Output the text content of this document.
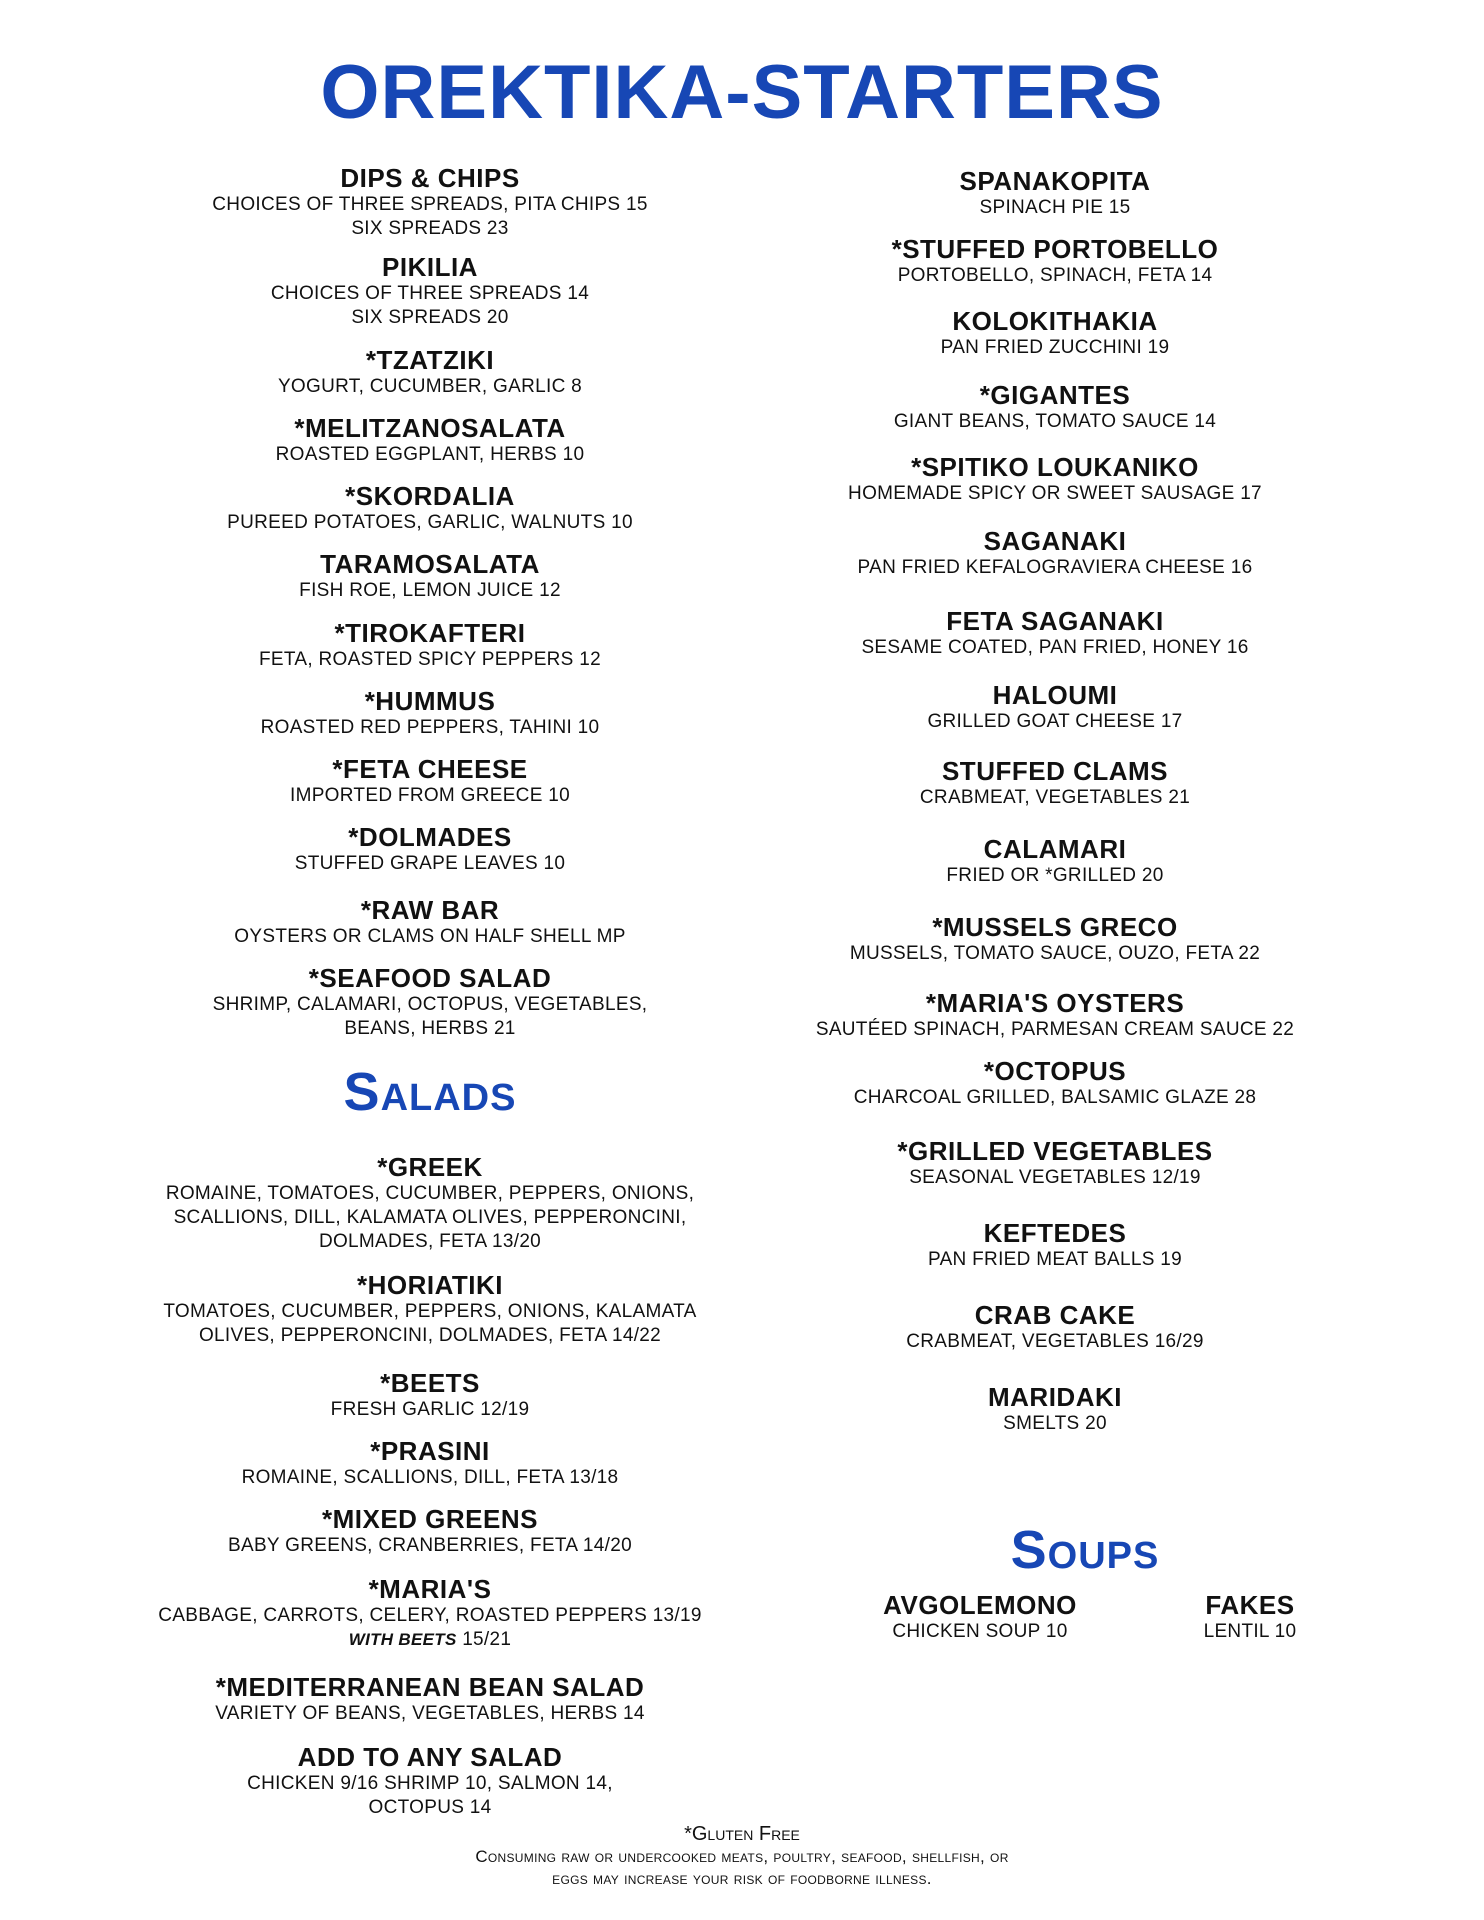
OREKTIKA-STARTERS
DIPS & CHIPS
CHOICES OF THREE SPREADS, PITA CHIPS 15
SIX SPREADS 23
PIKILIA
CHOICES OF THREE SPREADS 14
SIX SPREADS 20
*TZATZIKI
YOGURT, CUCUMBER, GARLIC 8
*MELITZANOSALATA
ROASTED EGGPLANT, HERBS 10
*SKORDALIA
PUREED POTATOES, GARLIC, WALNUTS 10
TARAMOSALATA
FISH ROE, LEMON JUICE 12
*TIROKAFTERI
FETA, ROASTED SPICY PEPPERS 12
*HUMMUS
ROASTED RED PEPPERS, TAHINI 10
*FETA CHEESE
IMPORTED FROM GREECE 10
*DOLMADES
STUFFED GRAPE LEAVES 10
*RAW BAR
OYSTERS OR CLAMS ON HALF SHELL MP
*SEAFOOD SALAD
SHRIMP, CALAMARI, OCTOPUS, VEGETABLES,
BEANS, HERBS 21
Salads
*GREEK
ROMAINE, TOMATOES, CUCUMBER, PEPPERS, ONIONS,
SCALLIONS, DILL, KALAMATA OLIVES, PEPPERONCINI,
DOLMADES, FETA 13/20
*HORIATIKI
TOMATOES, CUCUMBER, PEPPERS, ONIONS, KALAMATA
OLIVES, PEPPERONCINI, DOLMADES, FETA 14/22
*BEETS
FRESH GARLIC 12/19
*PRASINI
ROMAINE, SCALLIONS, DILL, FETA 13/18
*MIXED GREENS
BABY GREENS, CRANBERRIES, FETA 14/20
*MARIA'S
CABBAGE, CARROTS, CELERY, ROASTED PEPPERS 13/19
WITH BEETS 15/21
*MEDITERRANEAN BEAN SALAD
VARIETY OF BEANS, VEGETABLES, HERBS 14
ADD TO ANY SALAD
CHICKEN 9/16 SHRIMP 10, SALMON 14,
OCTOPUS 14
SPANAKOPITA
SPINACH PIE 15
*STUFFED PORTOBELLO
PORTOBELLO, SPINACH, FETA 14
KOLOKITHAKIA
PAN FRIED ZUCCHINI 19
*GIGANTES
GIANT BEANS, TOMATO SAUCE 14
*SPITIKO LOUKANIKO
HOMEMADE SPICY OR SWEET SAUSAGE 17
SAGANAKI
PAN FRIED KEFALOGRAVIERA CHEESE 16
FETA SAGANAKI
SESAME COATED, PAN FRIED, HONEY 16
HALOUMI
GRILLED GOAT CHEESE 17
STUFFED CLAMS
CRABMEAT, VEGETABLES 21
CALAMARI
FRIED OR *GRILLED 20
*MUSSELS GRECO
MUSSELS, TOMATO SAUCE, OUZO, FETA 22
*MARIA'S OYSTERS
SAUTÉED SPINACH, PARMESAN CREAM SAUCE 22
*OCTOPUS
CHARCOAL GRILLED, BALSAMIC GLAZE 28
*GRILLED VEGETABLES
SEASONAL VEGETABLES 12/19
KEFTEDES
PAN FRIED MEAT BALLS 19
CRAB CAKE
CRABMEAT, VEGETABLES 16/29
MARIDAKI
SMELTS 20
Soups
AVGOLEMONO
CHICKEN SOUP 10
FAKES
LENTIL 10
*Gluten Free
Consuming raw or undercooked meats, poultry, seafood, shellfish, or
eggs may increase your risk of foodborne illness.
